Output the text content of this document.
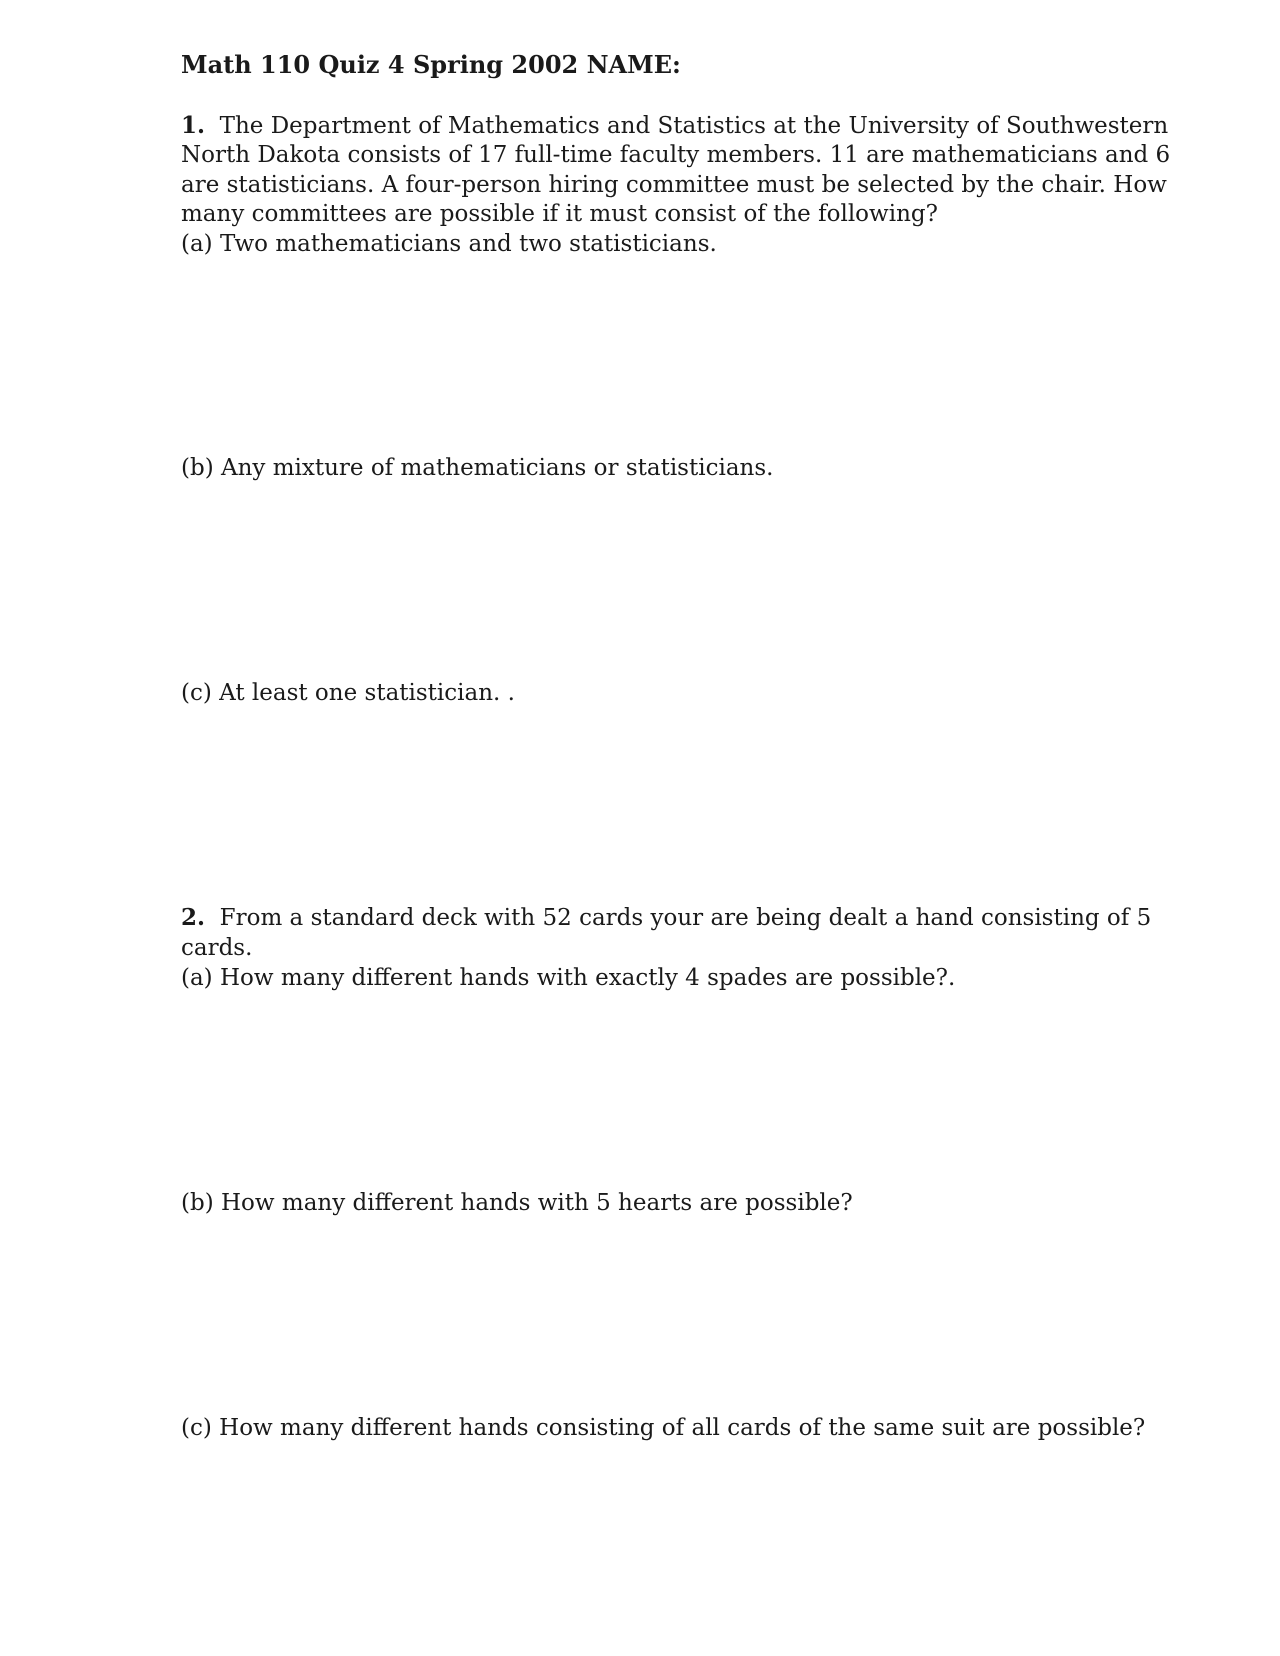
Math 110 Quiz 4 Spring 2002 NAME:
1. The Department of Mathematics and Statistics at the University of Southwestern
North Dakota consists of 17 full-time faculty members. 11 are mathematicians and 6
are statisticians. A four-person hiring committee must be selected by the chair. How
many committees are possible if it must consist of the following?
(a) Two mathematicians and two statisticians.
(b) Any mixture of mathematicians or statisticians.
(c) At least one statistician. .
2. From a standard deck with 52 cards your are being dealt a hand consisting of 5
cards.
(a) How many different hands with exactly 4 spades are possible?.
(b) How many different hands with 5 hearts are possible?
(c) How many different hands consisting of all cards of the same suit are possible?
